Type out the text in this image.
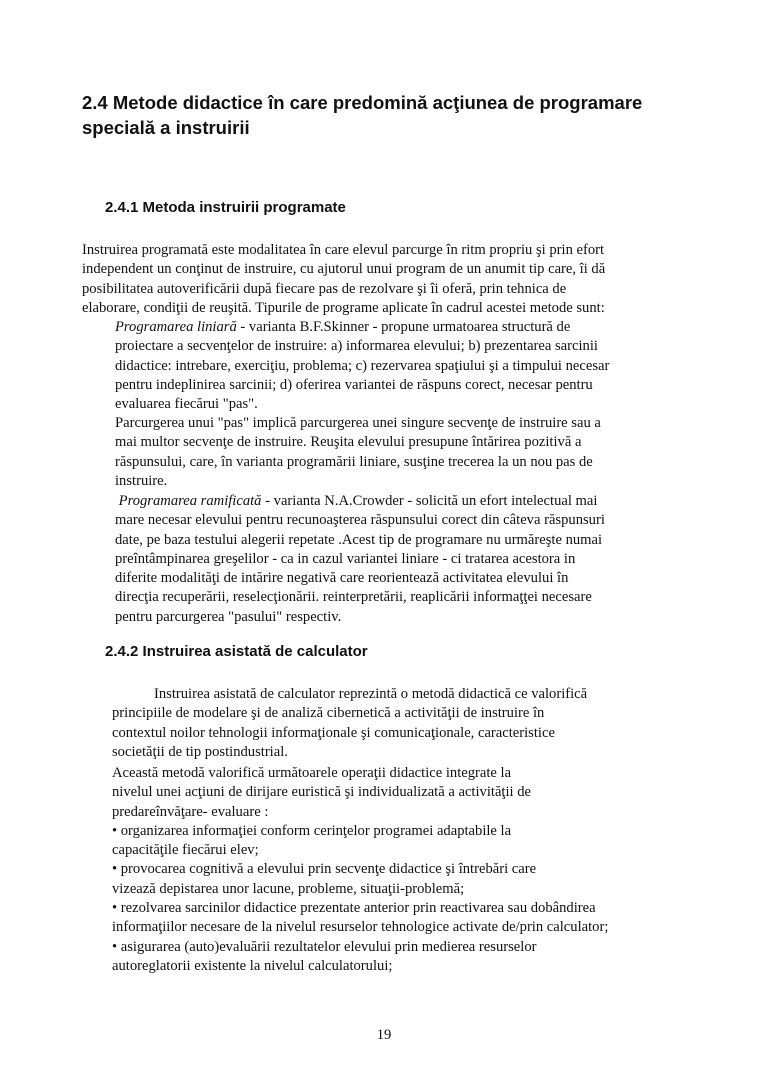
2.4 Metode didactice în care predomină acţiunea de programare
specială a instruirii
2.4.1 Metoda instruirii programate
Instruirea programată este modalitatea în care elevul parcurge în ritm propriu şi prin efort
independent un conţinut de instruire, cu ajutorul unui program de un anumit tip care, îi dă
posibilitatea autoverificării după fiecare pas de rezolvare şi îi oferă, prin tehnica de
elaborare, condiţii de reuşită. Tipurile de programe aplicate în cadrul acestei metode sunt:
Programarea liniară - varianta B.F.Skinner - propune urmatoarea structură de
proiectare a secvenţelor de instruire: a) informarea elevului; b) prezentarea sarcinii
didactice: intrebare, exerciţiu, problema; c) rezervarea spaţiului şi a timpului necesar
pentru indeplinirea sarcinii; d) oferirea variantei de răspuns corect, necesar pentru
evaluarea fiecărui "pas".
Parcurgerea unui "pas" implică parcurgerea unei singure secvenţe de instruire sau a
mai multor secvenţe de instruire. Reuşita elevului presupune întărirea pozitivă a
răspunsului, care, în varianta programării liniare, susţine trecerea la un nou pas de
instruire.
Programarea ramificată - varianta N.A.Crowder - solicită un efort intelectual mai
mare necesar elevului pentru recunoaşterea răspunsului corect din câteva răspunsuri
date, pe baza testului alegerii repetate .Acest tip de programare nu urmăreşte numai
preîntâmpinarea greşelilor - ca in cazul variantei liniare - ci tratarea acestora in
diferite modalităţi de intărire negativă care reorientează activitatea elevului în
direcţia recuperării, reselecţionării. reinterpretării, reaplicării informaţţei necesare
pentru parcurgerea "pasului" respectiv.
2.4.2 Instruirea asistată de calculator
Instruirea asistată de calculator reprezintă o metodă didactică ce valorifică
principiile de modelare şi de analiză cibernetică a activităţii de instruire în
contextul noilor tehnologii informaţionale şi comunicaţionale, caracteristice
societăţii de tip postindustrial.
Această metodă valorifică următoarele operaţii didactice integrate la
nivelul unei acţiuni de dirijare euristică şi individualizată a activităţii de
predareînvăţare- evaluare :
• organizarea informaţiei conform cerinţelor programei adaptabile la
capacităţile fiecărui elev;
• provocarea cognitivă a elevului prin secvenţe didactice şi întrebări care
vizează depistarea unor lacune, probleme, situaţii-problemă;
• rezolvarea sarcinilor didactice prezentate anterior prin reactivarea sau dobândirea
informaţiilor necesare de la nivelul resurselor tehnologice activate de/prin calculator;
• asigurarea (auto)evaluării rezultatelor elevului prin medierea resurselor
autoreglatorii existente la nivelul calculatorului;
19
